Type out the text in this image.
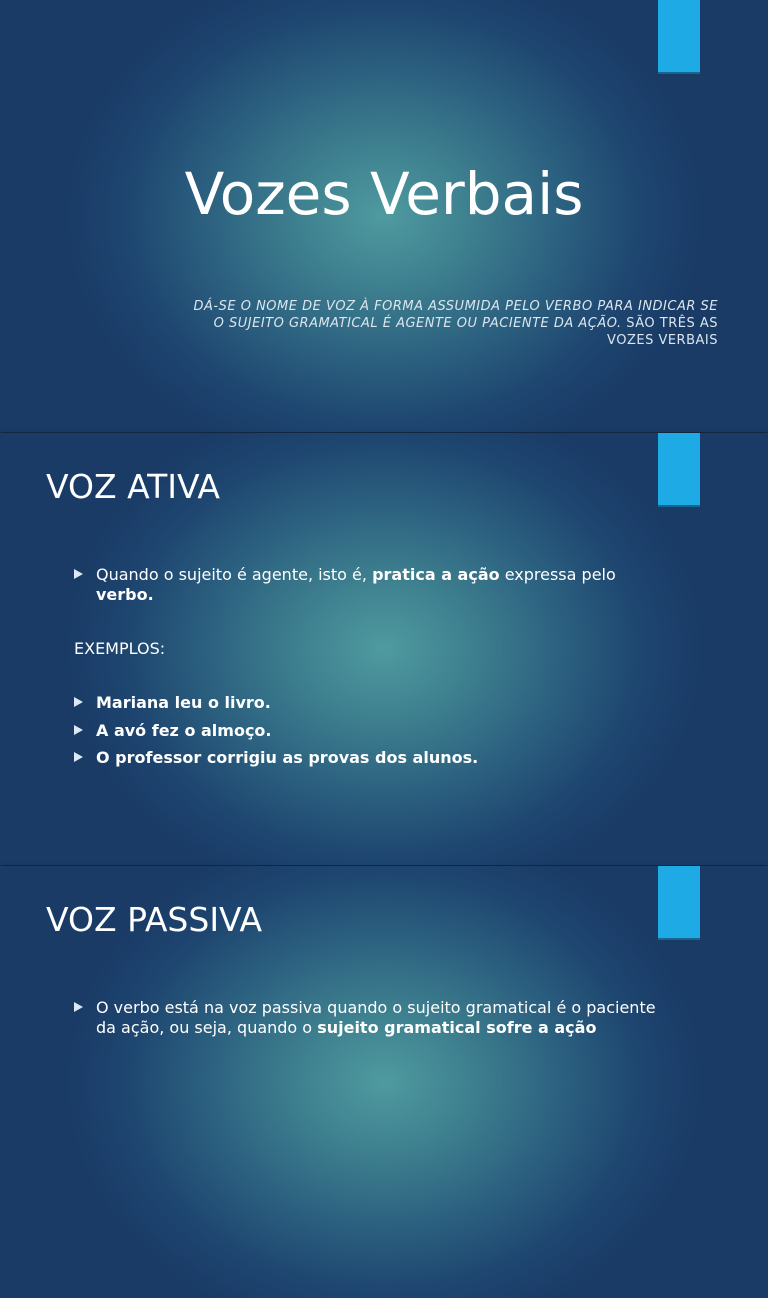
Vozes Verbais
DÁ-SE O NOME DE VOZ À FORMA ASSUMIDA PELO VERBO PARA INDICAR SE O SUJEITO GRAMATICAL É AGENTE OU PACIENTE DA AÇÃO. SÃO TRÊS AS VOZES VERBAIS
VOZ ATIVA
Quando o sujeito é agente, isto é, pratica a ação expressa pelo verbo.
EXEMPLOS:
Mariana leu o livro.
A avó fez o almoço.
O professor corrigiu as provas dos alunos.
VOZ PASSIVA
O verbo está na voz passiva quando o sujeito gramatical é o paciente da ação, ou seja, quando o sujeito gramatical sofre a ação
